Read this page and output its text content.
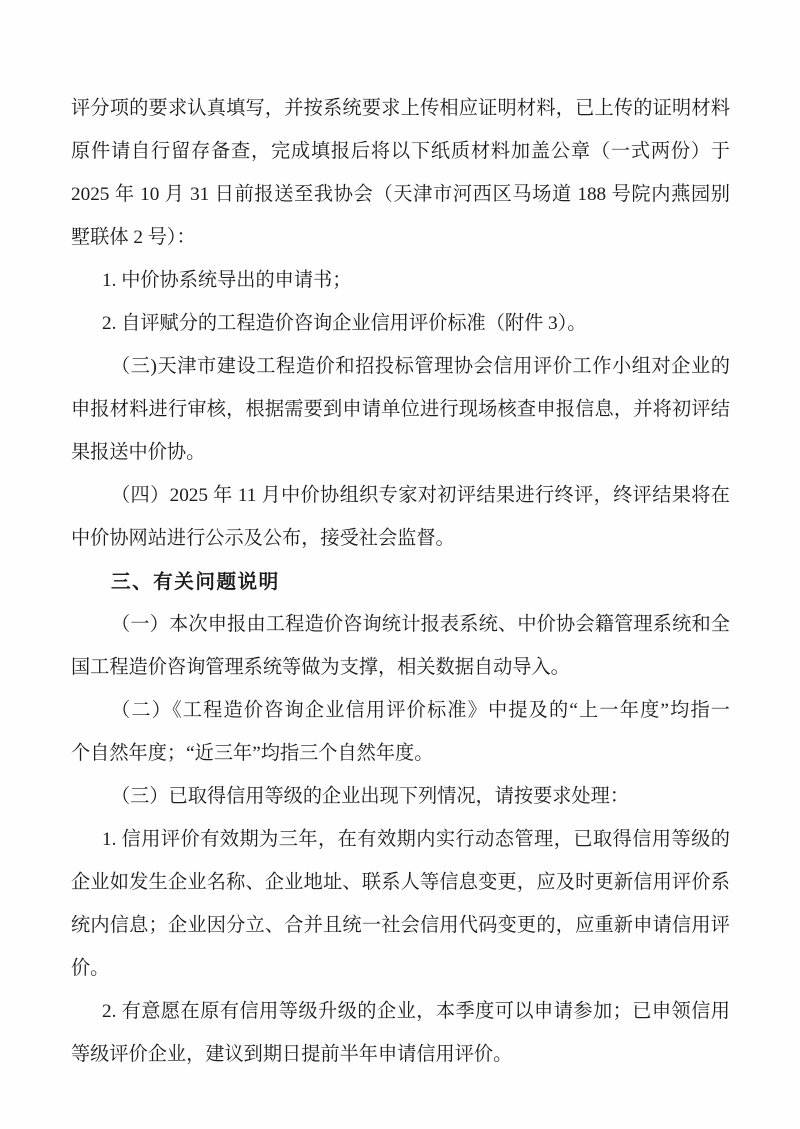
评分项的要求认真填写，并按系统要求上传相应证明材料，已上传的证明材料
原件请自行留存备查，完成填报后将以下纸质材料加盖公章（一式两份）于
2025 年 10 月 31 日前报送至我协会（天津市河西区马场道 188 号院内燕园别
墅联体 2 号）：
1. 中价协系统导出的申请书；
2. 自评赋分的工程造价咨询企业信用评价标准（附件 3）。
（三)天津市建设工程造价和招投标管理协会信用评价工作小组对企业的
申报材料进行审核，根据需要到申请单位进行现场核查申报信息，并将初评结
果报送中价协。
（四）2025 年 11 月中价协组织专家对初评结果进行终评，终评结果将在
中价协网站进行公示及公布，接受社会监督。
三、有关问题说明
（一）本次申报由工程造价咨询统计报表系统、中价协会籍管理系统和全
国工程造价咨询管理系统等做为支撑，相关数据自动导入。
（二）《工程造价咨询企业信用评价标准》中提及的“上一年度”均指一
个自然年度；“近三年”均指三个自然年度。
（三）已取得信用等级的企业出现下列情况，请按要求处理：
1. 信用评价有效期为三年，在有效期内实行动态管理，已取得信用等级的
企业如发生企业名称、企业地址、联系人等信息变更，应及时更新信用评价系
统内信息；企业因分立、合并且统一社会信用代码变更的，应重新申请信用评
价。
2. 有意愿在原有信用等级升级的企业，本季度可以申请参加；已申领信用
等级评价企业，建议到期日提前半年申请信用评价。
